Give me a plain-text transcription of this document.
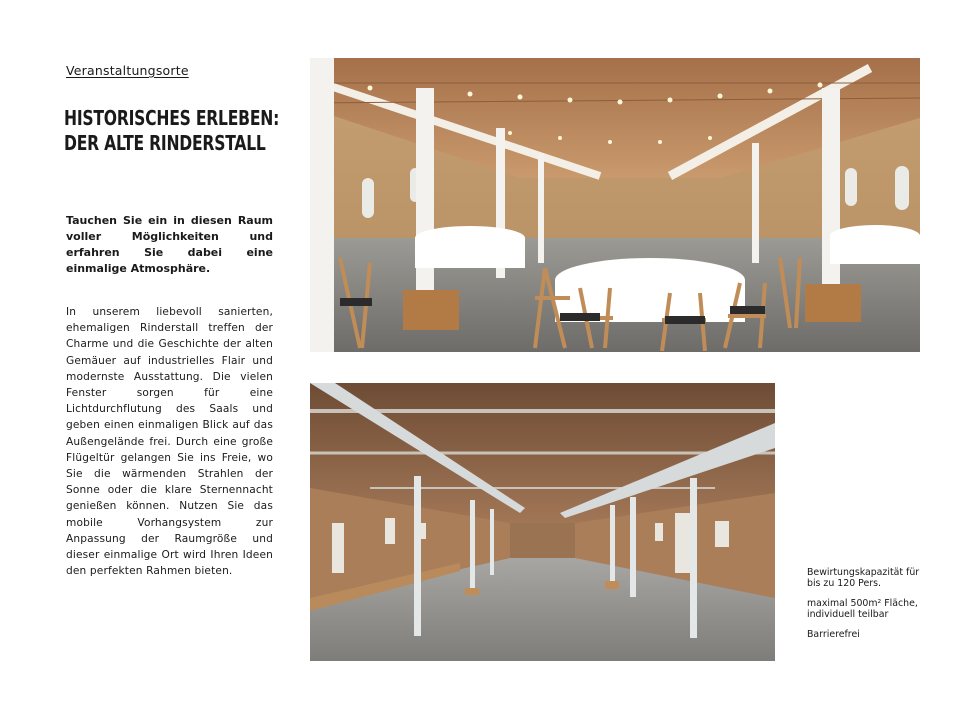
Veranstaltungsorte
HISTORISCHES ERLEBEN:
DER ALTE RINDERSTALL

Tauchen Sie ein in diesen Raum voller Möglichkeiten und erfahren Sie dabei eine einmalige Atmosphäre.

In unserem liebevoll sanierten, ehemaligen Rinderstall treffen der Charme und die Geschichte der alten Gemäuer auf industrielles Flair und modernste Ausstattung. Die vielen Fenster sorgen für eine Lichtdurchflutung des Saals und geben einen einmaligen Blick auf das Außengelände frei. Durch eine große Flügeltür gelangen Sie ins Freie, wo Sie die wärmenden Strahlen der Sonne oder die klare Sternennacht genießen können. Nutzen Sie das mobile Vorhangsystem zur Anpassung der Raumgröße und dieser einmalige Ort wird Ihren Ideen den perfekten Rahmen bieten.	Bewirtungskapazität für bis zu 120 Pers.
maximal 500m² Fläche, individuell teilbar
Barrierefrei
